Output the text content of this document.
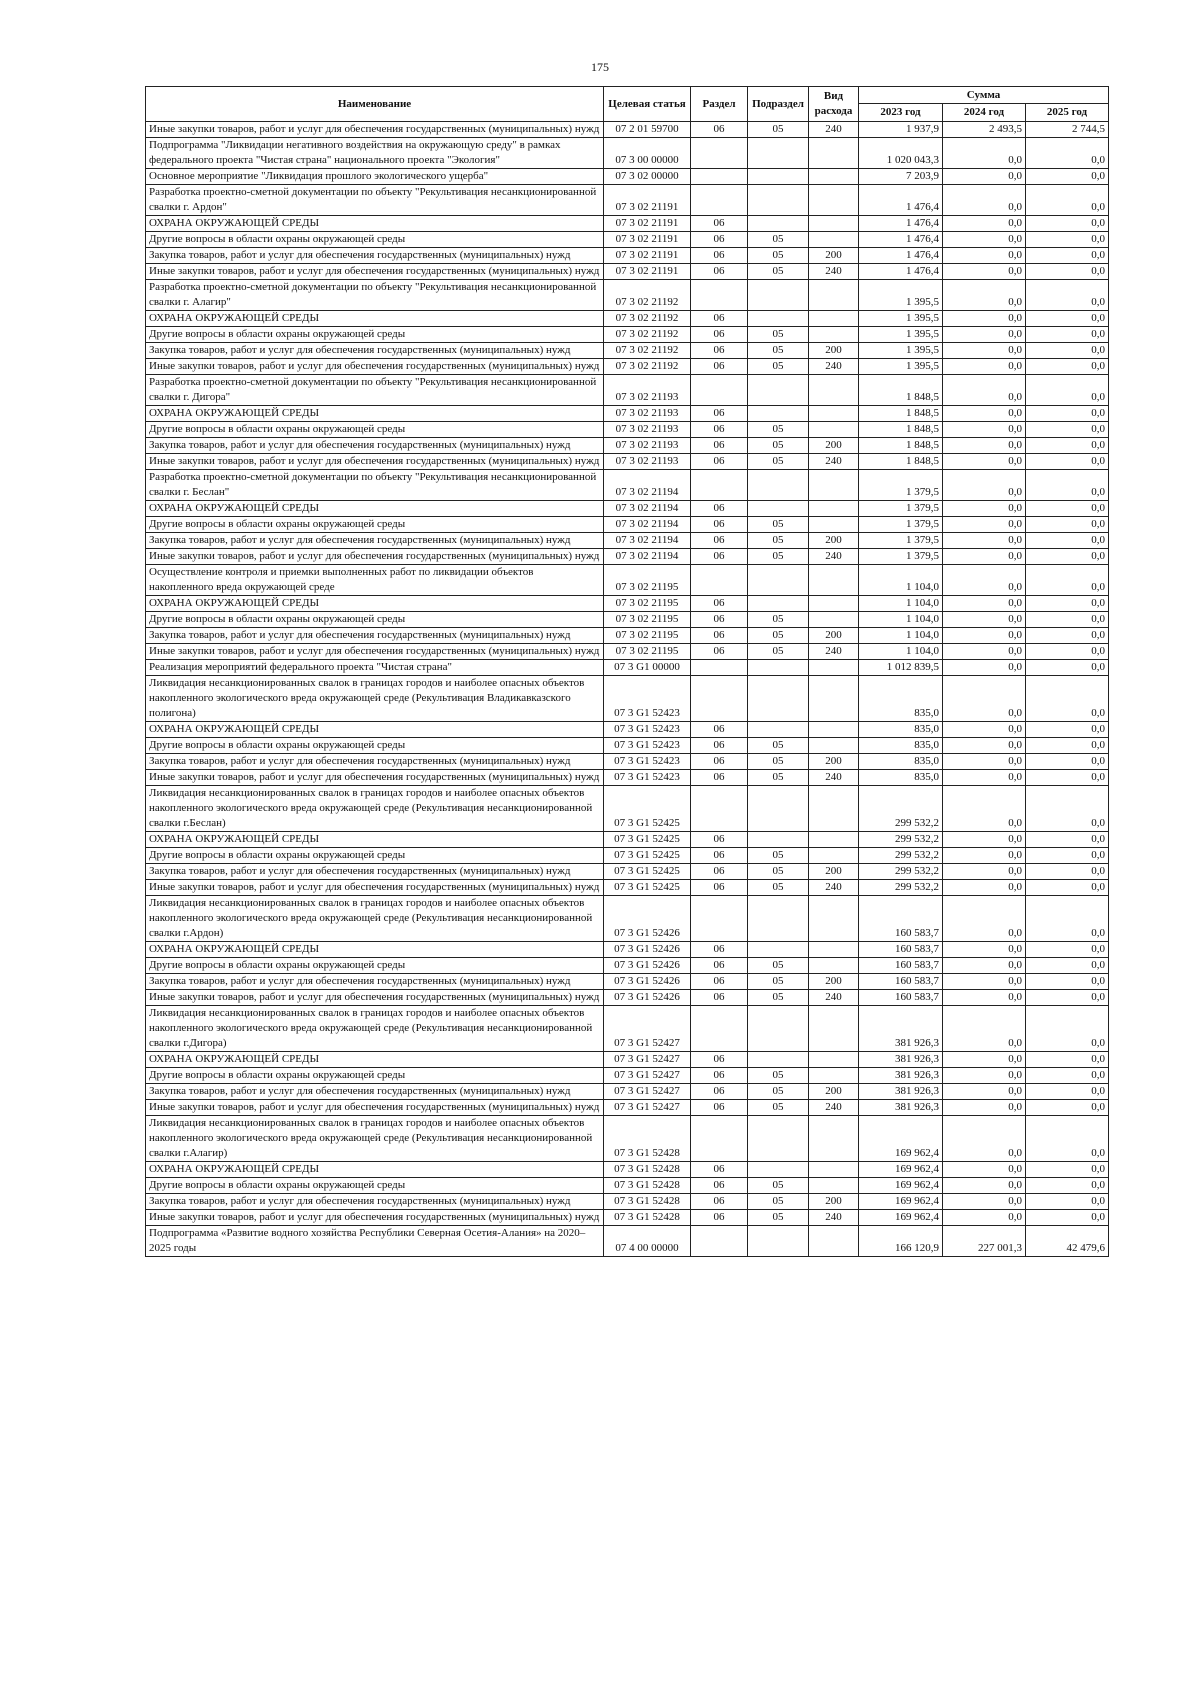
175
Наименование	Целевая статья	Раздел	Подраздел	Вид расхода	Сумма		
					2023 год	2024 год	2025 год
Иные закупки товаров, работ и услуг для обеспечения государственных (муниципальных) нужд	07 2 01 59700	06	05	240	1 937,9	2 493,5	2 744,5
Подпрограмма "Ликвидации негативного воздействия на окружающую среду" в рамках федерального проекта "Чистая страна" национального проекта "Экология"	07 3 00 00000				1 020 043,3	0,0	0,0
Основное мероприятие "Ликвидация прошлого экологического ущерба"	07 3 02 00000				7 203,9	0,0	0,0
Разработка проектно-сметной документации по объекту "Рекультивация несанкционированной свалки г. Ардон"	07 3 02 21191				1 476,4	0,0	0,0
ОХРАНА ОКРУЖАЮЩЕЙ СРЕДЫ	07 3 02 21191	06			1 476,4	0,0	0,0
Другие вопросы в области охраны окружающей среды	07 3 02 21191	06	05		1 476,4	0,0	0,0
Закупка товаров, работ и услуг для обеспечения государственных (муниципальных) нужд	07 3 02 21191	06	05	200	1 476,4	0,0	0,0
Иные закупки товаров, работ и услуг для обеспечения государственных (муниципальных) нужд	07 3 02 21191	06	05	240	1 476,4	0,0	0,0
Разработка проектно-сметной документации по объекту "Рекультивация несанкционированной свалки г. Алагир"	07 3 02 21192				1 395,5	0,0	0,0
ОХРАНА ОКРУЖАЮЩЕЙ СРЕДЫ	07 3 02 21192	06			1 395,5	0,0	0,0
Другие вопросы в области охраны окружающей среды	07 3 02 21192	06	05		1 395,5	0,0	0,0
Закупка товаров, работ и услуг для обеспечения государственных (муниципальных) нужд	07 3 02 21192	06	05	200	1 395,5	0,0	0,0
Иные закупки товаров, работ и услуг для обеспечения государственных (муниципальных) нужд	07 3 02 21192	06	05	240	1 395,5	0,0	0,0
Разработка проектно-сметной документации по объекту "Рекультивация несанкционированной свалки г. Дигора"	07 3 02 21193				1 848,5	0,0	0,0
ОХРАНА ОКРУЖАЮЩЕЙ СРЕДЫ	07 3 02 21193	06			1 848,5	0,0	0,0
Другие вопросы в области охраны окружающей среды	07 3 02 21193	06	05		1 848,5	0,0	0,0
Закупка товаров, работ и услуг для обеспечения государственных (муниципальных) нужд	07 3 02 21193	06	05	200	1 848,5	0,0	0,0
Иные закупки товаров, работ и услуг для обеспечения государственных (муниципальных) нужд	07 3 02 21193	06	05	240	1 848,5	0,0	0,0
Разработка проектно-сметной документации по объекту "Рекультивация несанкционированной свалки г. Беслан"	07 3 02 21194				1 379,5	0,0	0,0
ОХРАНА ОКРУЖАЮЩЕЙ СРЕДЫ	07 3 02 21194	06			1 379,5	0,0	0,0
Другие вопросы в области охраны окружающей среды	07 3 02 21194	06	05		1 379,5	0,0	0,0
Закупка товаров, работ и услуг для обеспечения государственных (муниципальных) нужд	07 3 02 21194	06	05	200	1 379,5	0,0	0,0
Иные закупки товаров, работ и услуг для обеспечения государственных (муниципальных) нужд	07 3 02 21194	06	05	240	1 379,5	0,0	0,0
Осуществление контроля и приемки выполненных работ по ликвидации объектов накопленного вреда окружающей среде	07 3 02 21195				1 104,0	0,0	0,0
ОХРАНА ОКРУЖАЮЩЕЙ СРЕДЫ	07 3 02 21195	06			1 104,0	0,0	0,0
Другие вопросы в области охраны окружающей среды	07 3 02 21195	06	05		1 104,0	0,0	0,0
Закупка товаров, работ и услуг для обеспечения государственных (муниципальных) нужд	07 3 02 21195	06	05	200	1 104,0	0,0	0,0
Иные закупки товаров, работ и услуг для обеспечения государственных (муниципальных) нужд	07 3 02 21195	06	05	240	1 104,0	0,0	0,0
Реализация мероприятий федерального проекта "Чистая страна"	07 3 G1 00000				1 012 839,5	0,0	0,0
Ликвидация несанкционированных свалок в границах городов и наиболее опасных объектов накопленного экологического вреда окружающей среде (Рекультивация Владикавказского полигона)	07 3 G1 52423				835,0	0,0	0,0
ОХРАНА ОКРУЖАЮЩЕЙ СРЕДЫ	07 3 G1 52423	06			835,0	0,0	0,0
Другие вопросы в области охраны окружающей среды	07 3 G1 52423	06	05		835,0	0,0	0,0
Закупка товаров, работ и услуг для обеспечения государственных (муниципальных) нужд	07 3 G1 52423	06	05	200	835,0	0,0	0,0
Иные закупки товаров, работ и услуг для обеспечения государственных (муниципальных) нужд	07 3 G1 52423	06	05	240	835,0	0,0	0,0
Ликвидация несанкционированных свалок в границах городов и наиболее опасных объектов накопленного экологического вреда окружающей среде (Рекультивация несанкционированной свалки г.Беслан)	07 3 G1 52425				299 532,2	0,0	0,0
ОХРАНА ОКРУЖАЮЩЕЙ СРЕДЫ	07 3 G1 52425	06			299 532,2	0,0	0,0
Другие вопросы в области охраны окружающей среды	07 3 G1 52425	06	05		299 532,2	0,0	0,0
Закупка товаров, работ и услуг для обеспечения государственных (муниципальных) нужд	07 3 G1 52425	06	05	200	299 532,2	0,0	0,0
Иные закупки товаров, работ и услуг для обеспечения государственных (муниципальных) нужд	07 3 G1 52425	06	05	240	299 532,2	0,0	0,0
Ликвидация несанкционированных свалок в границах городов и наиболее опасных объектов накопленного экологического вреда окружающей среде (Рекультивация несанкционированной свалки г.Ардон)	07 3 G1 52426				160 583,7	0,0	0,0
ОХРАНА ОКРУЖАЮЩЕЙ СРЕДЫ	07 3 G1 52426	06			160 583,7	0,0	0,0
Другие вопросы в области охраны окружающей среды	07 3 G1 52426	06	05		160 583,7	0,0	0,0
Закупка товаров, работ и услуг для обеспечения государственных (муниципальных) нужд	07 3 G1 52426	06	05	200	160 583,7	0,0	0,0
Иные закупки товаров, работ и услуг для обеспечения государственных (муниципальных) нужд	07 3 G1 52426	06	05	240	160 583,7	0,0	0,0
Ликвидация несанкционированных свалок в границах городов и наиболее опасных объектов накопленного экологического вреда окружающей среде (Рекультивация несанкционированной свалки г.Дигора)	07 3 G1 52427				381 926,3	0,0	0,0
ОХРАНА ОКРУЖАЮЩЕЙ СРЕДЫ	07 3 G1 52427	06			381 926,3	0,0	0,0
Другие вопросы в области охраны окружающей среды	07 3 G1 52427	06	05		381 926,3	0,0	0,0
Закупка товаров, работ и услуг для обеспечения государственных (муниципальных) нужд	07 3 G1 52427	06	05	200	381 926,3	0,0	0,0
Иные закупки товаров, работ и услуг для обеспечения государственных (муниципальных) нужд	07 3 G1 52427	06	05	240	381 926,3	0,0	0,0
Ликвидация несанкционированных свалок в границах городов и наиболее опасных объектов накопленного экологического вреда окружающей среде (Рекультивация несанкционированной свалки г.Алагир)	07 3 G1 52428				169 962,4	0,0	0,0
ОХРАНА ОКРУЖАЮЩЕЙ СРЕДЫ	07 3 G1 52428	06			169 962,4	0,0	0,0
Другие вопросы в области охраны окружающей среды	07 3 G1 52428	06	05		169 962,4	0,0	0,0
Закупка товаров, работ и услуг для обеспечения государственных (муниципальных) нужд	07 3 G1 52428	06	05	200	169 962,4	0,0	0,0
Иные закупки товаров, работ и услуг для обеспечения государственных (муниципальных) нужд	07 3 G1 52428	06	05	240	169 962,4	0,0	0,0
Подпрограмма «Развитие водного хозяйства Республики Северная Осетия-Алания» на 2020– 2025 годы	07 4 00 00000				166 120,9	227 001,3	42 479,6
